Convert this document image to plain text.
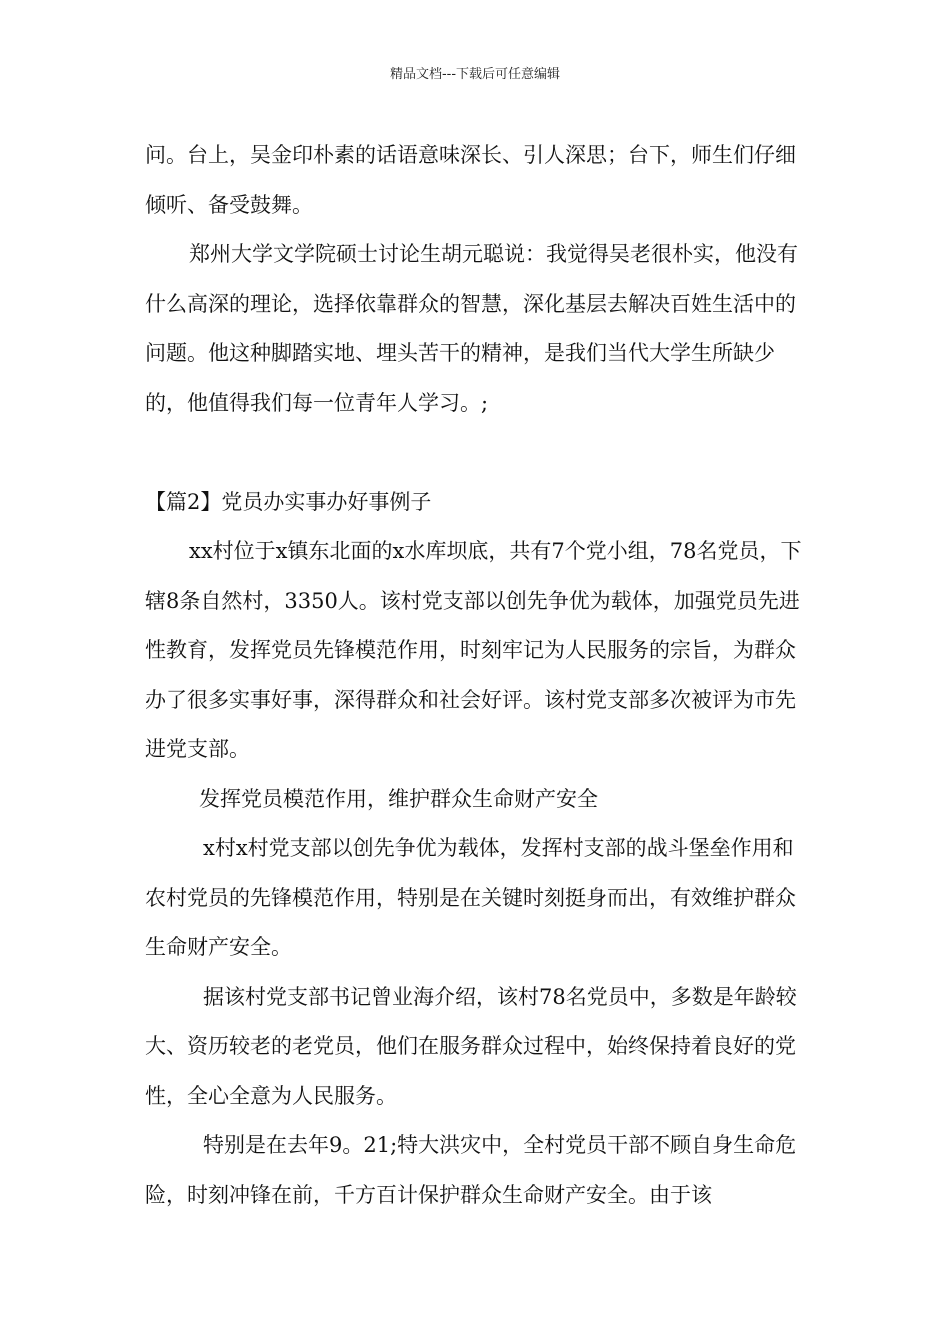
精品文档---下载后可任意编辑

问。台上，吴金印朴素的话语意味深长、引人深思；台下，师生们仔细倾听、备受鼓舞。

郑州大学文学院硕士讨论生胡元聪说：我觉得吴老很朴实，他没有什么高深的理论，选择依靠群众的智慧，深化基层去解决百姓生活中的问题。他这种脚踏实地、埋头苦干的精神，是我们当代大学生所缺少的，他值得我们每一位青年人学习。;

【篇2】党员办实事办好事例子

xx村位于x镇东北面的x水库坝底，共有7个党小组，78名党员，下辖8条自然村，3350人。该村党支部以创先争优为载体，加强党员先进性教育，发挥党员先锋模范作用，时刻牢记为人民服务的宗旨，为群众办了很多实事好事，深得群众和社会好评。该村党支部多次被评为市先进党支部。

发挥党员模范作用，维护群众生命财产安全

x村x村党支部以创先争优为载体，发挥村支部的战斗堡垒作用和农村党员的先锋模范作用，特别是在关键时刻挺身而出，有效维护群众生命财产安全。

据该村党支部书记曾业海介绍，该村78名党员中，多数是年龄较大、资历较老的老党员，他们在服务群众过程中，始终保持着良好的党性，全心全意为人民服务。

特别是在去年9。21;特大洪灾中，全村党员干部不顾自身生命危险，时刻冲锋在前，千方百计保护群众生命财产安全。由于该
